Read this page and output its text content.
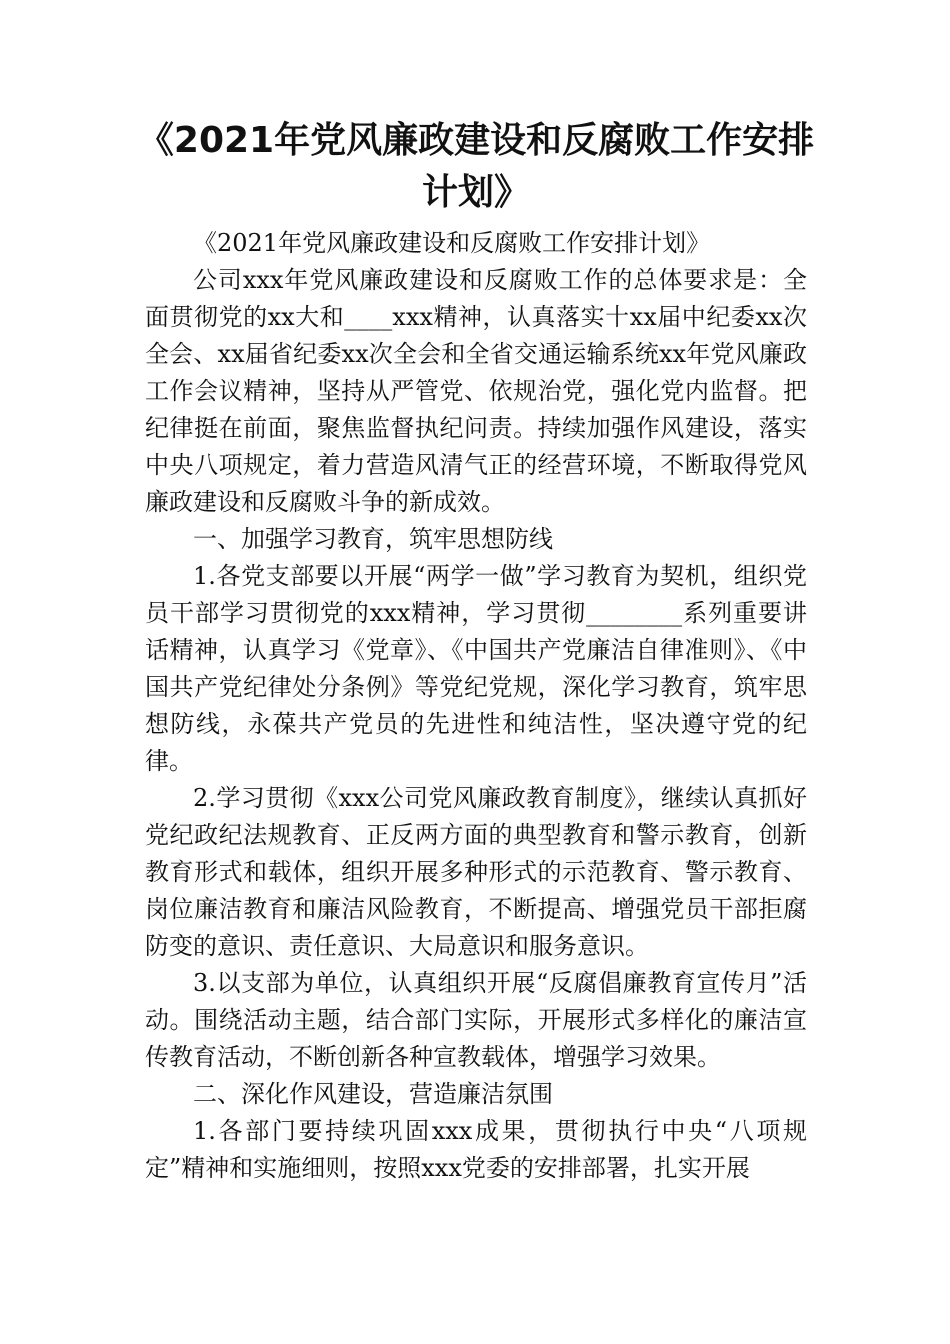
《2021年党风廉政建设和反腐败工作安排计划》

《2021年党风廉政建设和反腐败工作安排计划》

公司xxx年党风廉政建设和反腐败工作的总体要求是：全面贯彻党的xx大和____xxx精神，认真落实十xx届中纪委xx次全会、xx届省纪委xx次全会和全省交通运输系统xx年党风廉政工作会议精神，坚持从严管党、依规治党，强化党内监督。把纪律挺在前面，聚焦监督执纪问责。持续加强作风建设，落实中央八项规定，着力营造风清气正的经营环境，不断取得党风廉政建设和反腐败斗争的新成效。

一、加强学习教育，筑牢思想防线

1.各党支部要以开展“两学一做”学习教育为契机，组织党员干部学习贯彻党的xxx精神，学习贯彻________系列重要讲话精神，认真学习《党章》、《中国共产党廉洁自律准则》、《中国共产党纪律处分条例》等党纪党规，深化学习教育，筑牢思想防线，永葆共产党员的先进性和纯洁性，坚决遵守党的纪律。

2.学习贯彻《xxx公司党风廉政教育制度》，继续认真抓好党纪政纪法规教育、正反两方面的典型教育和警示教育，创新教育形式和载体，组织开展多种形式的示范教育、警示教育、岗位廉洁教育和廉洁风险教育，不断提高、增强党员干部拒腐防变的意识、责任意识、大局意识和服务意识。

3.以支部为单位，认真组织开展“反腐倡廉教育宣传月”活动。围绕活动主题，结合部门实际，开展形式多样化的廉洁宣传教育活动，不断创新各种宣教载体，增强学习效果。

二、深化作风建设，营造廉洁氛围

1.各部门要持续巩固xxx成果，贯彻执行中央“八项规定”精神和实施细则，按照xxx党委的安排部署，扎实开展
